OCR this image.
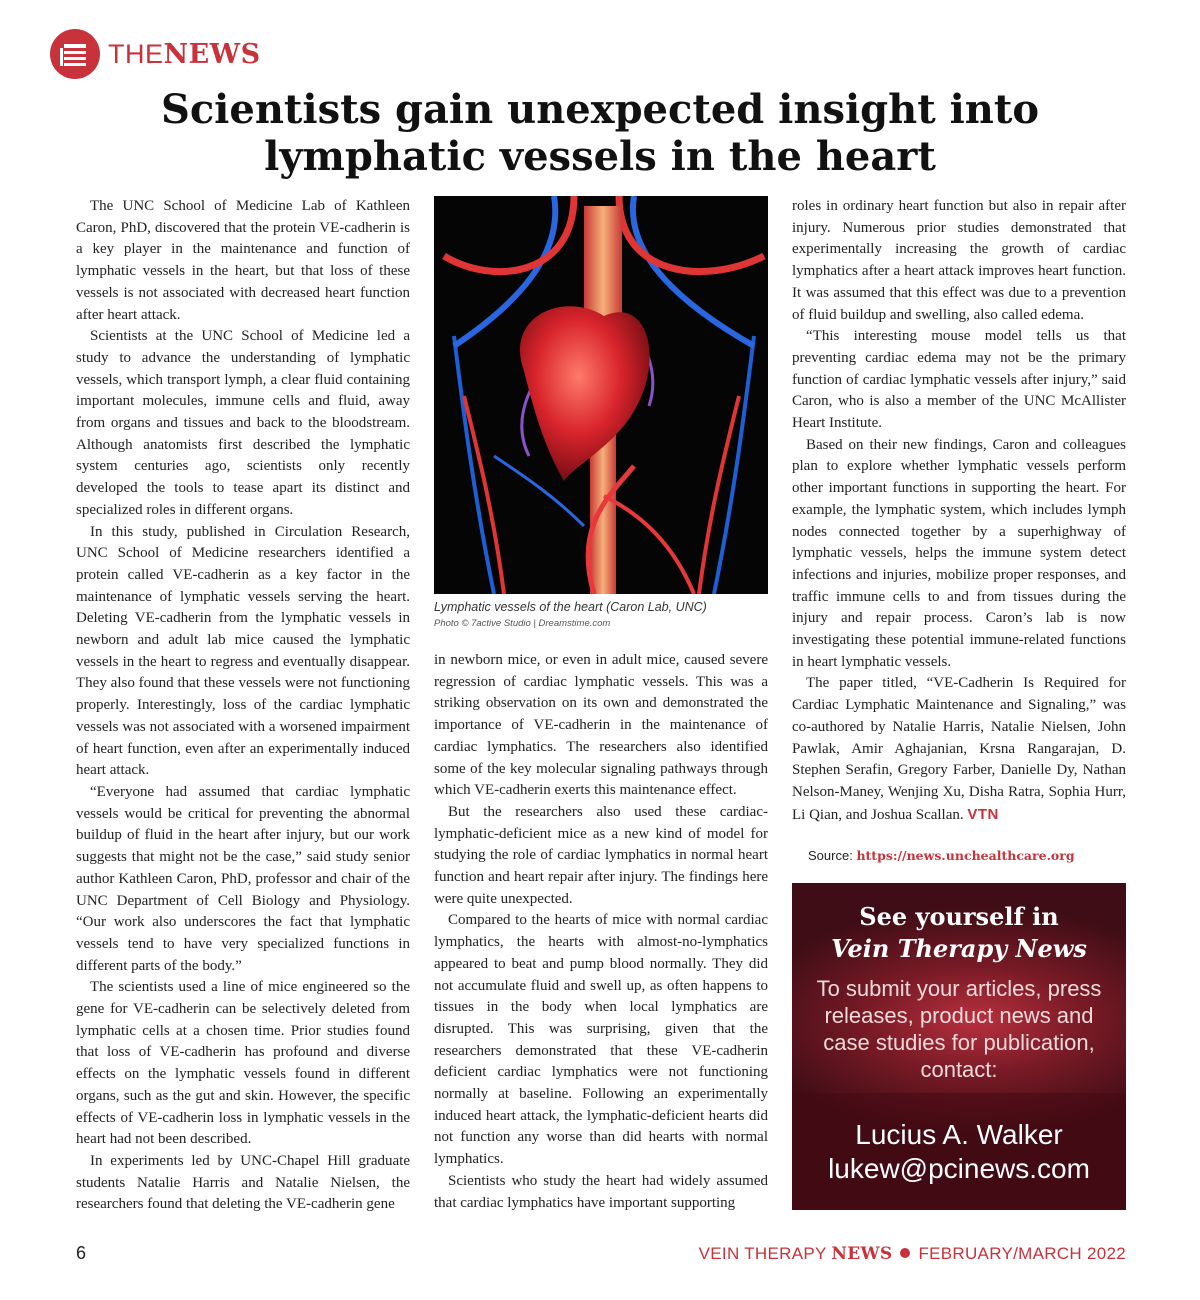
THENEWS
Scientists gain unexpected insight into lymphatic vessels in the heart

The UNC School of Medicine Lab of Kathleen Caron, PhD, discovered that the protein VE-cadherin is a key player in the maintenance and function of lymphatic vessels in the heart, but that loss of these vessels is not associated with decreased heart function after heart attack.

Scientists at the UNC School of Medicine led a study to advance the understanding of lymphatic vessels, which transport lymph, a clear fluid containing important molecules, immune cells and fluid, away from organs and tissues and back to the bloodstream. Although anatomists first described the lymphatic system centuries ago, scientists only recently developed the tools to tease apart its distinct and specialized roles in different organs.

In this study, published in Circulation Research, UNC School of Medicine researchers identified a protein called VE-cadherin as a key factor in the maintenance of lymphatic vessels serving the heart. Deleting VE-cadherin from the lymphatic vessels in newborn and adult lab mice caused the lymphatic vessels in the heart to regress and eventually disappear. They also found that these vessels were not functioning properly. Interestingly, loss of the cardiac lymphatic vessels was not associated with a worsened impairment of heart function, even after an experimentally induced heart attack.

“Everyone had assumed that cardiac lymphatic vessels would be critical for preventing the abnormal buildup of fluid in the heart after injury, but our work suggests that might not be the case,” said study senior author Kathleen Caron, PhD, professor and chair of the UNC Department of Cell Biology and Physiology. “Our work also underscores the fact that lymphatic vessels tend to have very specialized functions in different parts of the body.”

The scientists used a line of mice engineered so the gene for VE-cadherin can be selectively deleted from lymphatic cells at a chosen time. Prior studies found that loss of VE-cadherin has profound and diverse effects on the lymphatic vessels found in different organs, such as the gut and skin. However, the specific effects of VE-cadherin loss in lymphatic vessels in the heart had not been described.

In experiments led by UNC-Chapel Hill graduate students Natalie Harris and Natalie Nielsen, the researchers found that deleting the VE-cadherin gene

Lymphatic vessels of the heart (Caron Lab, UNC)
Photo © 7active Studio | Dreamstime.com

in newborn mice, or even in adult mice, caused severe regression of cardiac lymphatic vessels. This was a striking observation on its own and demonstrated the importance of VE-cadherin in the maintenance of cardiac lymphatics. The researchers also identified some of the key molecular signaling pathways through which VE-cadherin exerts this maintenance effect.

But the researchers also used these cardiac-lymphatic-deficient mice as a new kind of model for studying the role of cardiac lymphatics in normal heart function and heart repair after injury. The findings here were quite unexpected.

Compared to the hearts of mice with normal cardiac lymphatics, the hearts with almost-no-lymphatics appeared to beat and pump blood normally. They did not accumulate fluid and swell up, as often happens to tissues in the body when local lymphatics are disrupted. This was surprising, given that the researchers demonstrated that these VE-cadherin deficient cardiac lymphatics were not functioning normally at baseline. Following an experimentally induced heart attack, the lymphatic-deficient hearts did not function any worse than did hearts with normal lymphatics.

Scientists who study the heart had widely assumed that cardiac lymphatics have important supporting

roles in ordinary heart function but also in repair after injury. Numerous prior studies demonstrated that experimentally increasing the growth of cardiac lymphatics after a heart attack improves heart function. It was assumed that this effect was due to a prevention of fluid buildup and swelling, also called edema.

“This interesting mouse model tells us that preventing cardiac edema may not be the primary function of cardiac lymphatic vessels after injury,” said Caron, who is also a member of the UNC McAllister Heart Institute.

Based on their new findings, Caron and colleagues plan to explore whether lymphatic vessels perform other important functions in supporting the heart. For example, the lymphatic system, which includes lymph nodes connected together by a superhighway of lymphatic vessels, helps the immune system detect infections and injuries, mobilize proper responses, and traffic immune cells to and from tissues during the injury and repair process. Caron’s lab is now investigating these potential immune-related functions in heart lymphatic vessels.

The paper titled, “VE-Cadherin Is Required for Cardiac Lymphatic Maintenance and Signaling,” was co-authored by Natalie Harris, Natalie Nielsen, John Pawlak, Amir Aghajanian, Krsna Rangarajan, D. Stephen Serafin, Gregory Farber, Danielle Dy, Nathan Nelson-Maney, Wenjing Xu, Disha Ratra, Sophia Hurr, Li Qian, and Joshua Scallan. VTN

Source: https://news.unchealthcare.org
See yourself in
Vein Therapy News
To submit your articles, press releases, product news and case studies for publication, contact:
Lucius A. Walker
lukew@pcinews.com
6	VEIN THERAPY NEWS FEBRUARY/MARCH 2022
